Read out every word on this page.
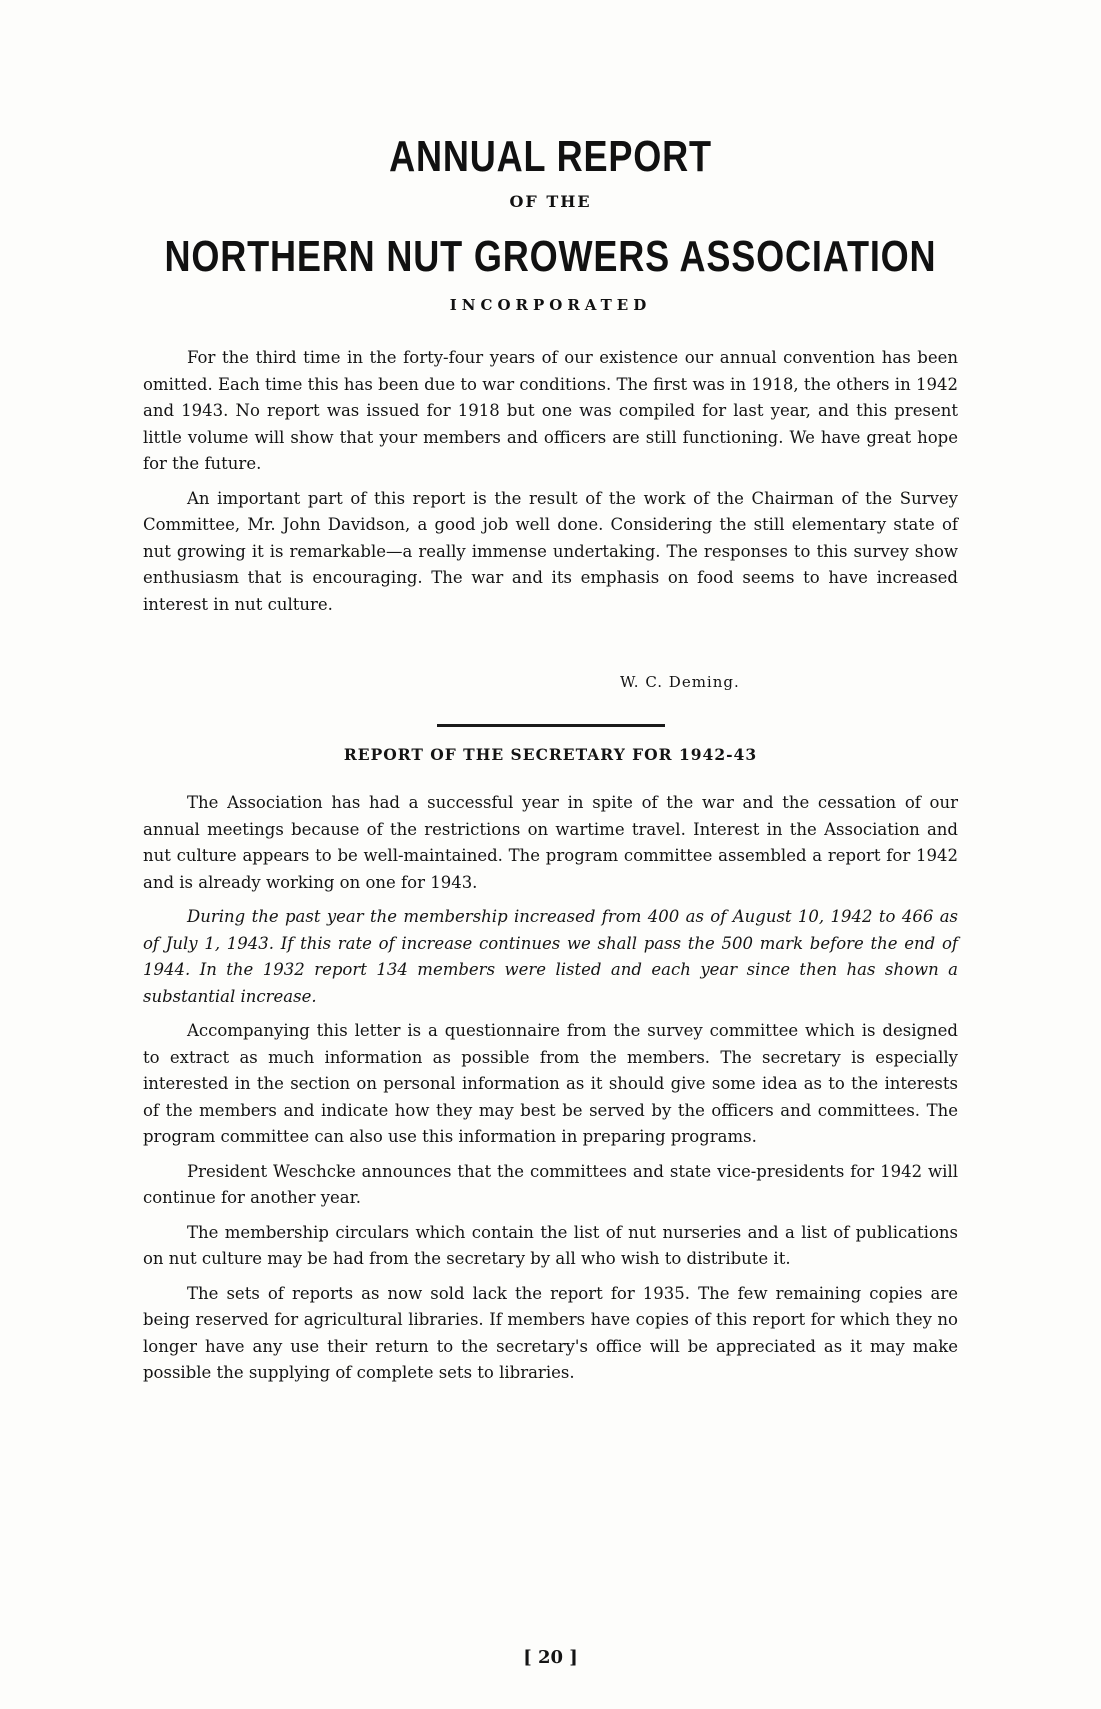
ANNUAL REPORT
OF THE
NORTHERN NUT GROWERS ASSOCIATION
INCORPORATED

For the third time in the forty-four years of our existence our annual convention has been omitted. Each time this has been due to war conditions. The first was in 1918, the others in 1942 and 1943. No report was issued for 1918 but one was compiled for last year, and this present little volume will show that your members and officers are still functioning. We have great hope for the future.

An important part of this report is the result of the work of the Chairman of the Survey Committee, Mr. John Davidson, a good job well done. Considering the still elementary state of nut growing it is remarkable—a really immense undertaking. The responses to this survey show enthusiasm that is encouraging. The war and its emphasis on food seems to have increased interest in nut culture.

W. C. Deming.
REPORT OF THE SECRETARY FOR 1942-43

The Association has had a successful year in spite of the war and the cessation of our annual meetings because of the restrictions on wartime travel. Interest in the Association and nut culture appears to be well-maintained. The program committee assembled a report for 1942 and is already working on one for 1943.

During the past year the membership increased from 400 as of August 10, 1942 to 466 as of July 1, 1943. If this rate of increase continues we shall pass the 500 mark before the end of 1944. In the 1932 report 134 members were listed and each year since then has shown a substantial increase.

Accompanying this letter is a questionnaire from the survey committee which is designed to extract as much information as possible from the members. The secretary is especially interested in the section on personal information as it should give some idea as to the interests of the members and indicate how they may best be served by the officers and committees. The program committee can also use this information in preparing programs.

President Weschcke announces that the committees and state vice-presidents for 1942 will continue for another year.

The membership circulars which contain the list of nut nurseries and a list of publications on nut culture may be had from the secretary by all who wish to distribute it.

The sets of reports as now sold lack the report for 1935. The few remaining copies are being reserved for agricultural libraries. If members have copies of this report for which they no longer have any use their return to the secretary's office will be appreciated as it may make possible the supplying of complete sets to libraries.

[ 20 ]
